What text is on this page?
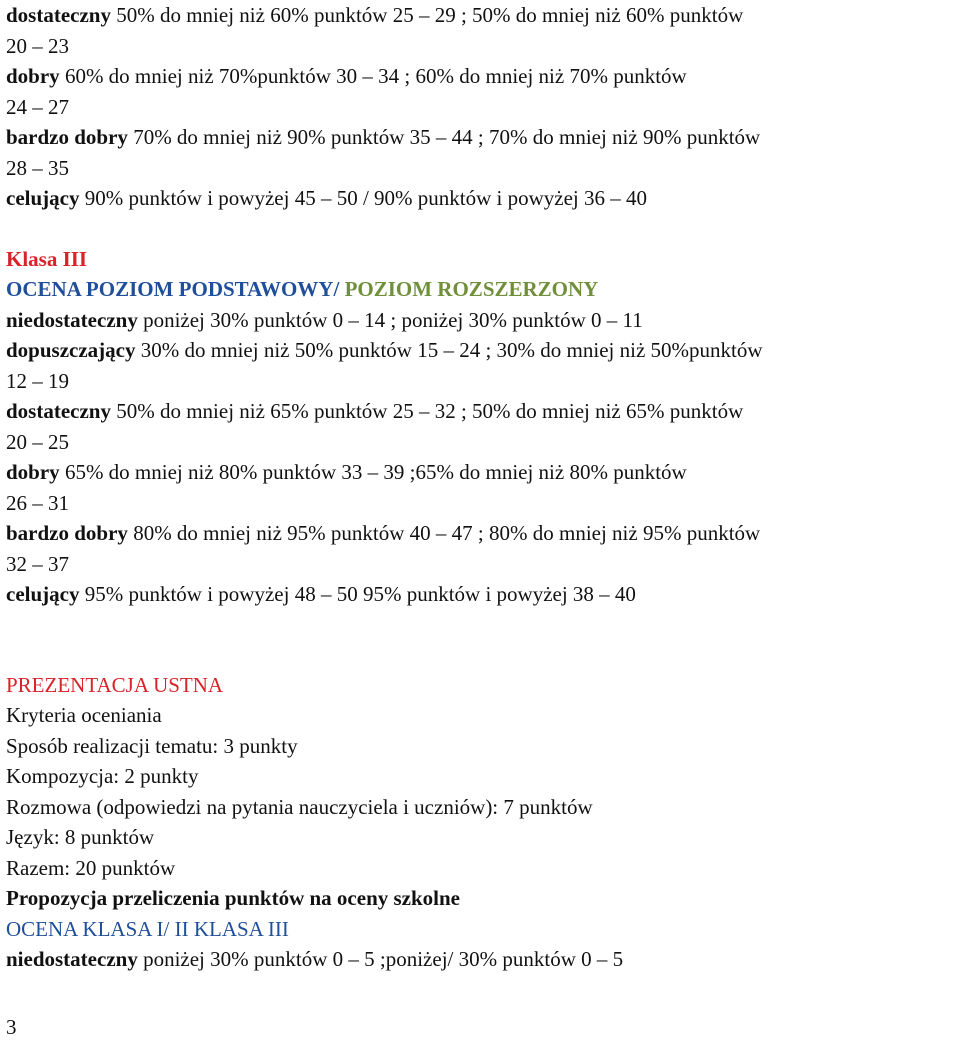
dostateczny 50% do mniej niż 60% punktów 25 – 29 ; 50% do mniej niż 60% punktów
20 – 23
dobry 60% do mniej niż 70%punktów 30 – 34 ; 60% do mniej niż 70% punktów
24 – 27
bardzo dobry 70% do mniej niż 90% punktów 35 – 44 ; 70% do mniej niż 90% punktów
28 – 35
celujący 90% punktów i powyżej 45 – 50 / 90% punktów i powyżej 36 – 40
Klasa III
OCENA POZIOM PODSTAWOWY/ POZIOM ROZSZERZONY
niedostateczny poniżej 30% punktów 0 – 14 ; poniżej 30% punktów 0 – 11
dopuszczający 30% do mniej niż 50% punktów 15 – 24 ; 30% do mniej niż 50%punktów
12 – 19
dostateczny 50% do mniej niż 65% punktów 25 – 32 ; 50% do mniej niż 65% punktów
20 – 25
dobry 65% do mniej niż 80% punktów 33 – 39 ;65% do mniej niż 80% punktów
26 – 31
bardzo dobry 80% do mniej niż 95% punktów 40 – 47 ; 80% do mniej niż 95% punktów
32 – 37
celujący 95% punktów i powyżej 48 – 50 95% punktów i powyżej 38 – 40
PREZENTACJA USTNA
Kryteria oceniania
Sposób realizacji tematu: 3 punkty
Kompozycja: 2 punkty
Rozmowa (odpowiedzi na pytania nauczyciela i uczniów): 7 punktów
Język: 8 punktów
Razem: 20 punktów
Propozycja przeliczenia punktów na oceny szkolne
OCENA KLASA I/ II KLASA III
niedostateczny poniżej 30% punktów 0 – 5 ;poniżej/ 30% punktów 0 – 5
3
